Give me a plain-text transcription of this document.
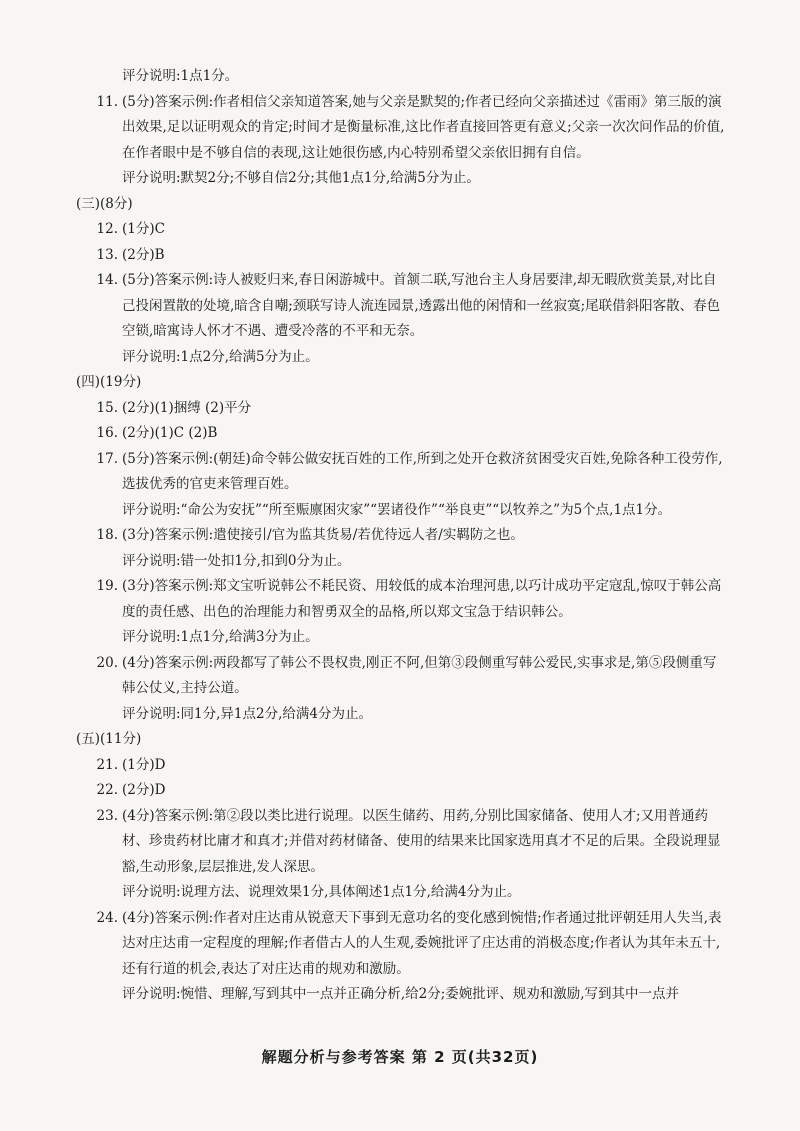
评分说明:1点1分。
11. (5分)答案示例:作者相信父亲知道答案,她与父亲是默契的;作者已经向父亲描述过《雷雨》第三版的演出效果,足以证明观众的肯定;时间才是衡量标准,这比作者直接回答更有意义;父亲一次次问作品的价值,在作者眼中是不够自信的表现,这让她很伤感,内心特别希望父亲依旧拥有自信。
评分说明:默契2分;不够自信2分;其他1点1分,给满5分为止。
(三)(8分)
12. (1分)C
13. (2分)B
14. (5分)答案示例:诗人被贬归来,春日闲游城中。首颔二联,写池台主人身居要津,却无暇欣赏美景,对比自己投闲置散的处境,暗含自嘲;颈联写诗人流连园景,透露出他的闲情和一丝寂寞;尾联借斜阳客散、春色空锁,暗寓诗人怀才不遇、遭受冷落的不平和无奈。
评分说明:1点2分,给满5分为止。
(四)(19分)
15. (2分)(1)捆缚 (2)平分
16. (2分)(1)C (2)B
17. (5分)答案示例:(朝廷)命令韩公做安抚百姓的工作,所到之处开仓救济贫困受灾百姓,免除各种工役劳作,选拔优秀的官吏来管理百姓。
评分说明:“命公为安抚”“所至赈廪困灾家”“罢诸役作”“举良吏”“以牧养之”为5个点,1点1分。
18. (3分)答案示例:遣使接引/官为监其货易/若优待远人者/实羁防之也。
评分说明:错一处扣1分,扣到0分为止。
19. (3分)答案示例:郑文宝听说韩公不耗民资、用较低的成本治理河患,以巧计成功平定寇乱,惊叹于韩公高度的责任感、出色的治理能力和智勇双全的品格,所以郑文宝急于结识韩公。
评分说明:1点1分,给满3分为止。
20. (4分)答案示例:两段都写了韩公不畏权贵,刚正不阿,但第③段侧重写韩公爱民,实事求是,第⑤段侧重写韩公仗义,主持公道。
评分说明:同1分,异1点2分,给满4分为止。
(五)(11分)
21. (1分)D
22. (2分)D
23. (4分)答案示例:第②段以类比进行说理。以医生储药、用药,分别比国家储备、使用人才;又用普通药材、珍贵药材比庸才和真才;并借对药材储备、使用的结果来比国家选用真才不足的后果。全段说理显豁,生动形象,层层推进,发人深思。
评分说明:说理方法、说理效果1分,具体阐述1点1分,给满4分为止。
24. (4分)答案示例:作者对庄达甫从锐意天下事到无意功名的变化感到惋惜;作者通过批评朝廷用人失当,表达对庄达甫一定程度的理解;作者借古人的人生观,委婉批评了庄达甫的消极态度;作者认为其年未五十,还有行道的机会,表达了对庄达甫的规劝和激励。
评分说明:惋惜、理解,写到其中一点并正确分析,给2分;委婉批评、规劝和激励,写到其中一点并
解题分析与参考答案 第 2 页(共32页)
